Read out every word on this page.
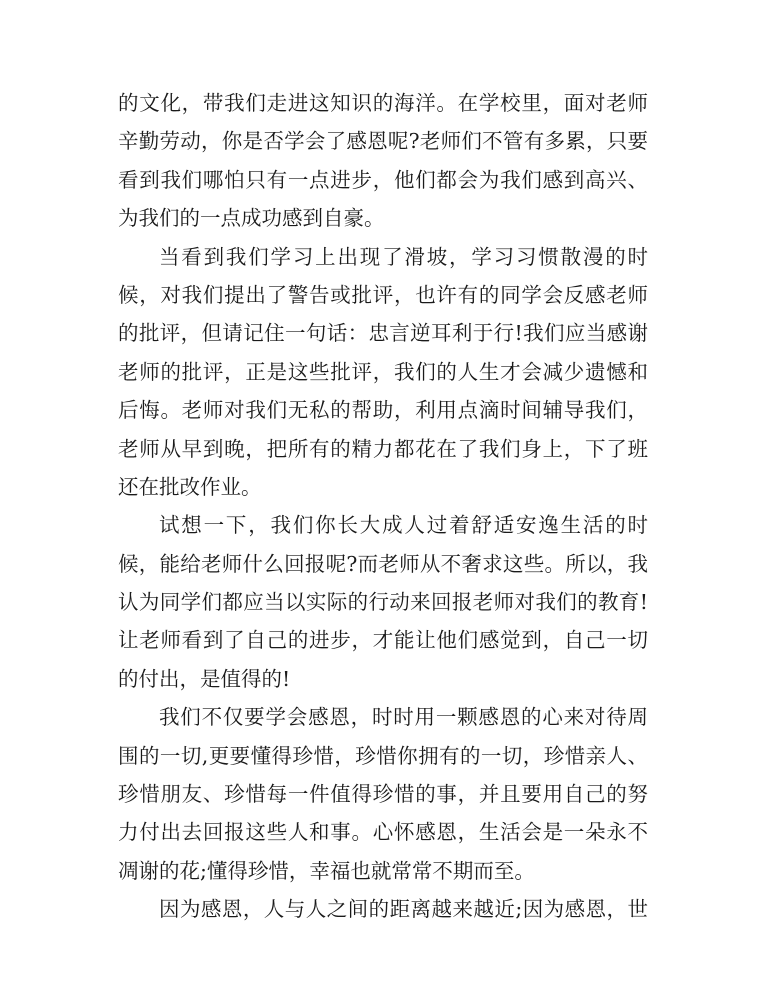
的文化，带我们走进这知识的海洋。在学校里，面对老师
辛勤劳动，你是否学会了感恩呢?老师们不管有多累，只要
看到我们哪怕只有一点进步，他们都会为我们感到高兴、
为我们的一点成功感到自豪。
当看到我们学习上出现了滑坡，学习习惯散漫的时
候，对我们提出了警告或批评，也许有的同学会反感老师
的批评，但请记住一句话：忠言逆耳利于行!我们应当感谢
老师的批评，正是这些批评，我们的人生才会减少遗憾和
后悔。老师对我们无私的帮助，利用点滴时间辅导我们，
老师从早到晚，把所有的精力都花在了我们身上，下了班
还在批改作业。
试想一下，我们你长大成人过着舒适安逸生活的时
候，能给老师什么回报呢?而老师从不奢求这些。所以，我
认为同学们都应当以实际的行动来回报老师对我们的教育!
让老师看到了自己的进步，才能让他们感觉到，自己一切
的付出，是值得的!
我们不仅要学会感恩，时时用一颗感恩的心来对待周
围的一切,更要懂得珍惜，珍惜你拥有的一切，珍惜亲人、
珍惜朋友、珍惜每一件值得珍惜的事，并且要用自己的努
力付出去回报这些人和事。心怀感恩，生活会是一朵永不
凋谢的花;懂得珍惜，幸福也就常常不期而至。
因为感恩，人与人之间的距离越来越近;因为感恩，世
